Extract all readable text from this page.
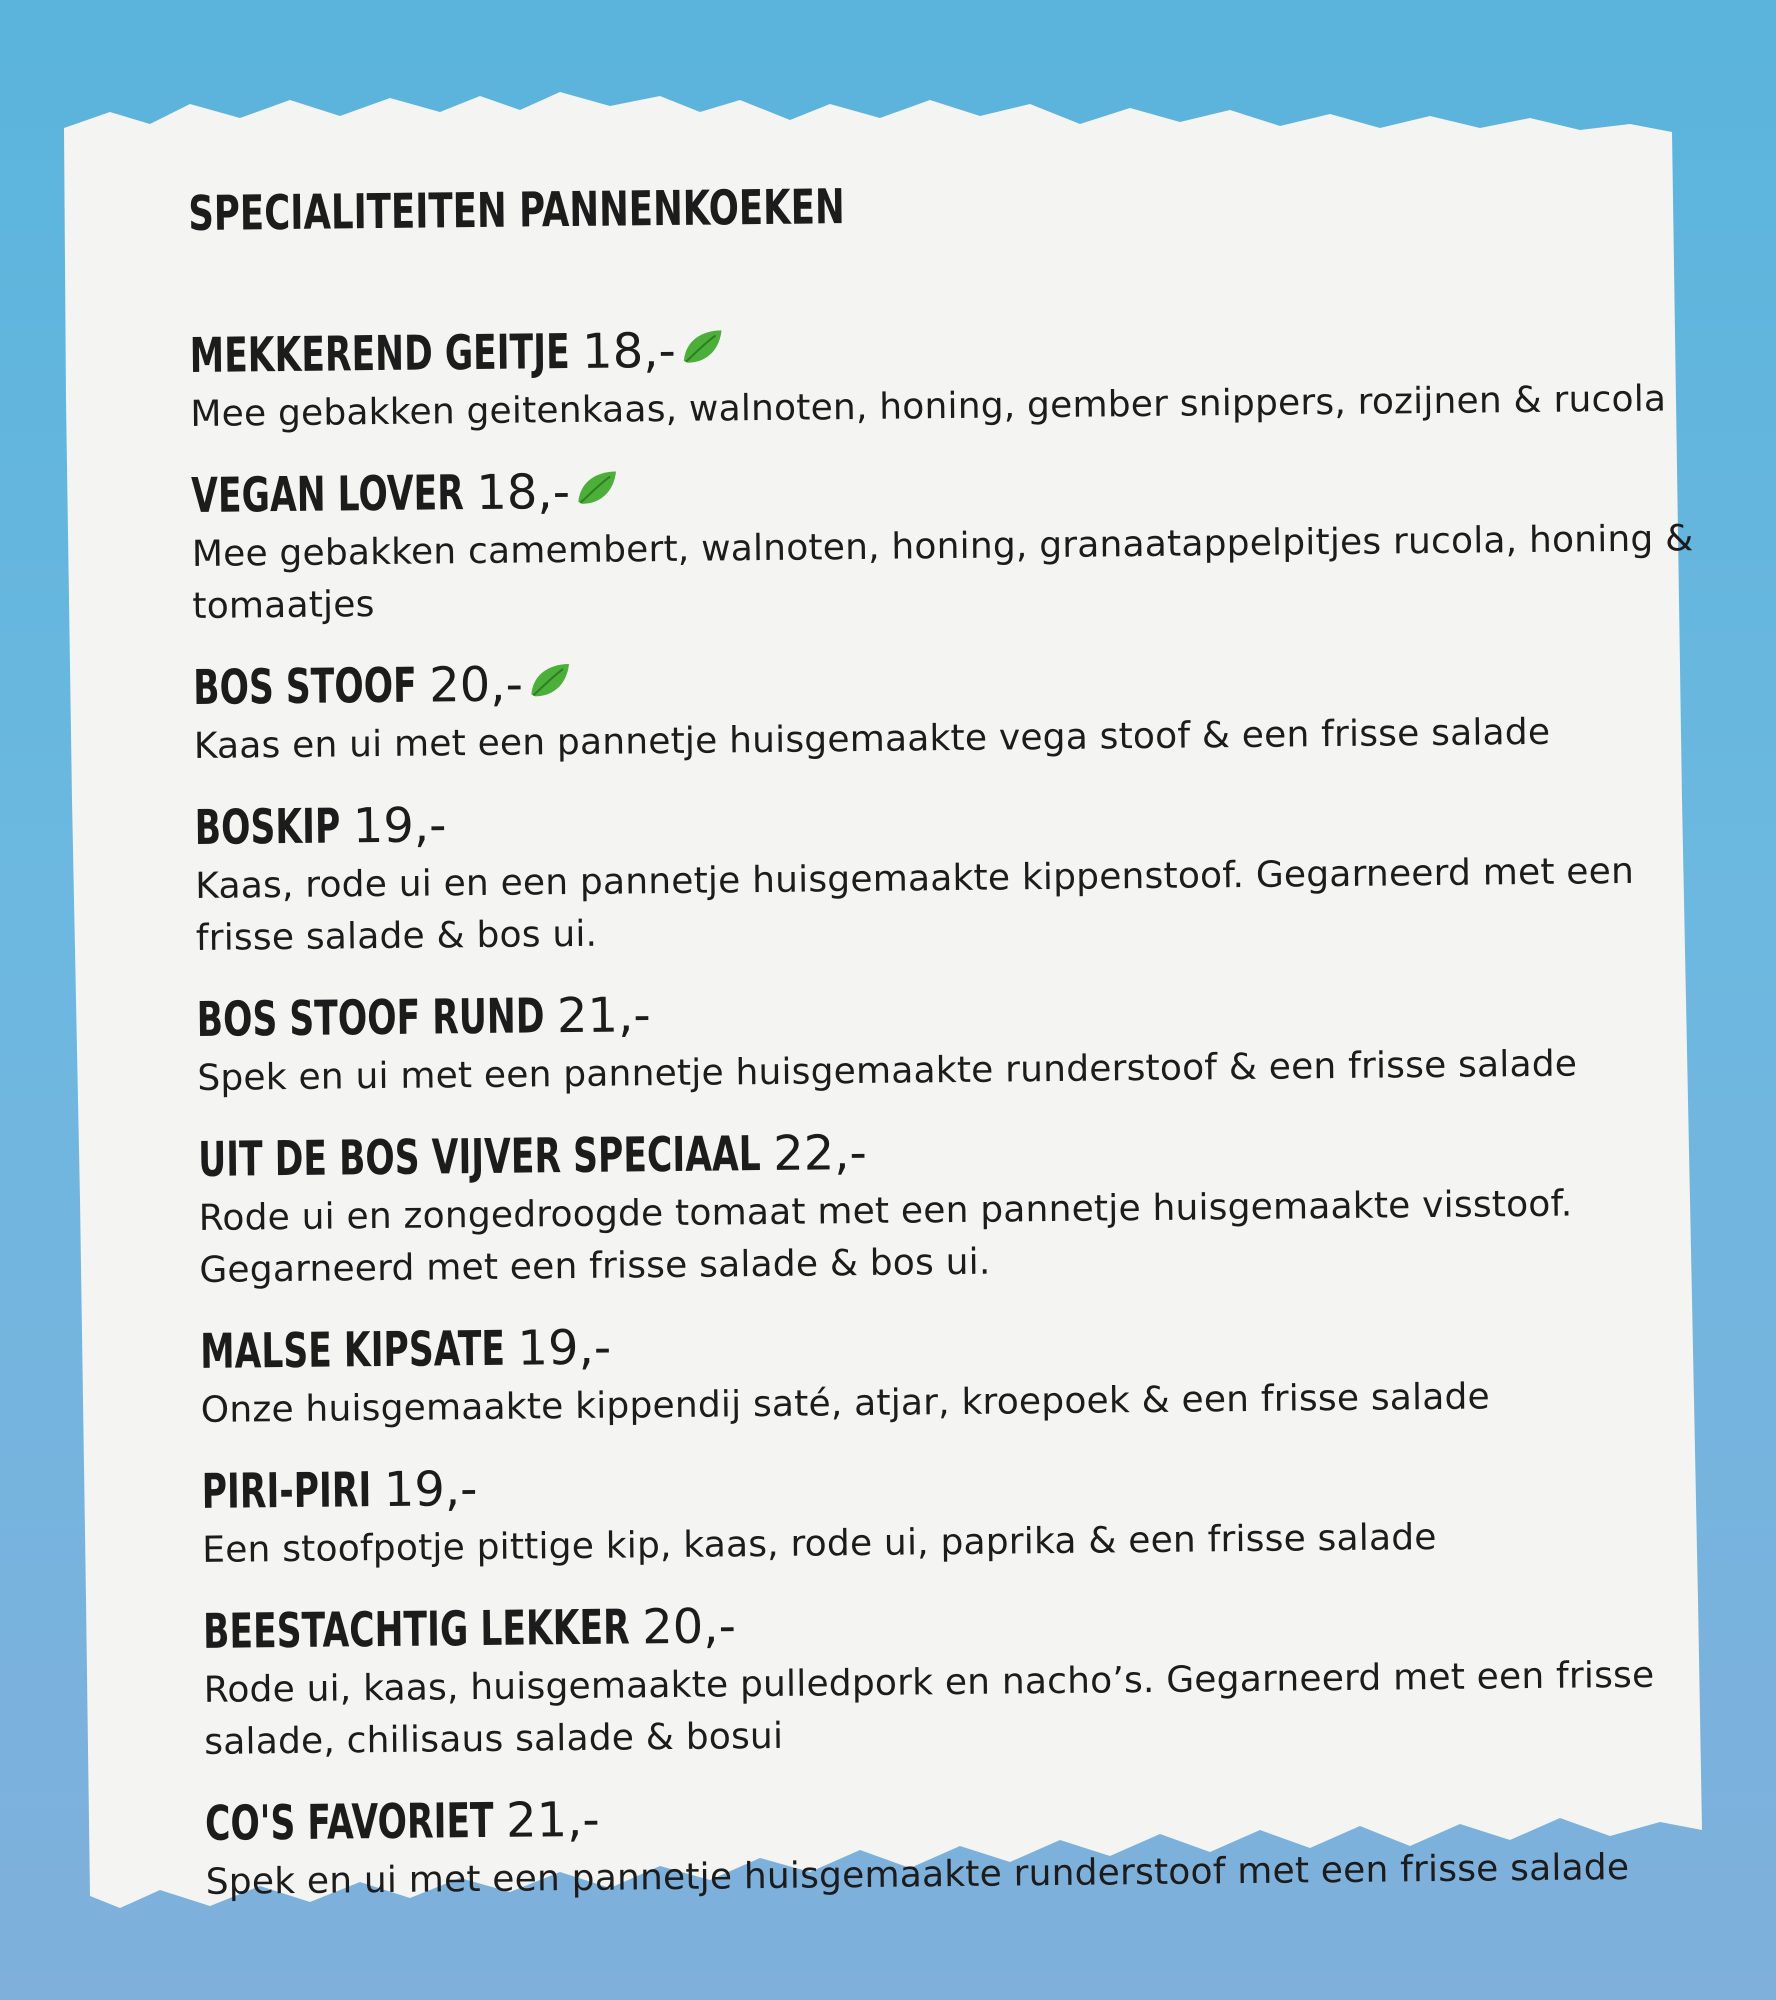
SPECIALITEITEN PANNENKOEKEN
MEKKEREND GEITJE 18,-
Mee gebakken geitenkaas, walnoten, honing, gember snippers, rozijnen & rucola
VEGAN LOVER 18,-
Mee gebakken camembert, walnoten, honing, granaatappelpitjes rucola, honing & tomaatjes
BOS STOOF 20,-
Kaas en ui met een pannetje huisgemaakte vega stoof & een frisse salade
BOSKIP 19,-
Kaas, rode ui en een pannetje huisgemaakte kippenstoof. Gegarneerd met een frisse salade & bos ui.
BOS STOOF RUND 21,-
Spek en ui met een pannetje huisgemaakte runderstoof & een frisse salade
UIT DE BOS VIJVER SPECIAAL 22,-
Rode ui en zongedroogde tomaat met een pannetje huisgemaakte visstoof. Gegarneerd met een frisse salade & bos ui.
MALSE KIPSATE 19,-
Onze huisgemaakte kippendij saté, atjar, kroepoek & een frisse salade
PIRI-PIRI 19,-
Een stoofpotje pittige kip, kaas, rode ui, paprika & een frisse salade
BEESTACHTIG LEKKER 20,-
Rode ui, kaas, huisgemaakte pulledpork en nacho’s. Gegarneerd met een frisse salade, chilisaus salade & bosui
CO'S FAVORIET 21,-
Spek en ui met een pannetje huisgemaakte runderstoof met een frisse salade
